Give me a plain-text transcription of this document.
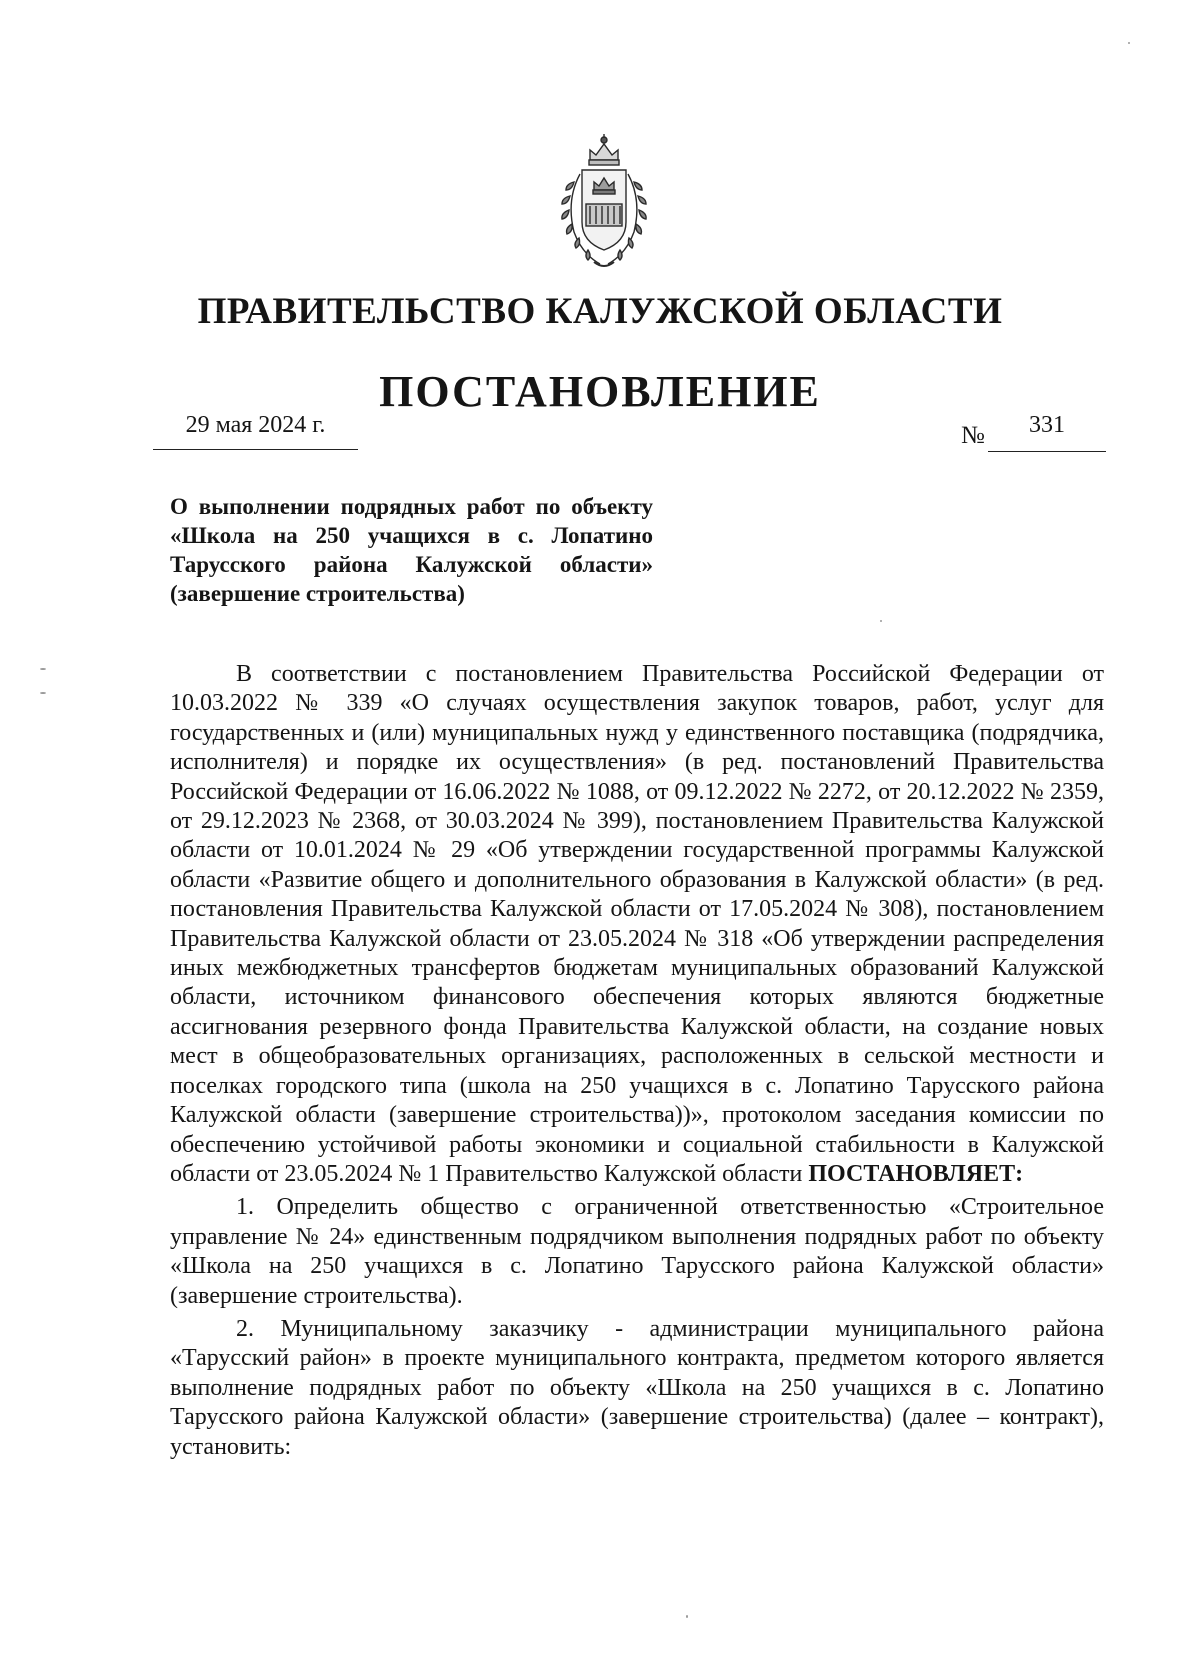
ПРАВИТЕЛЬСТВО КАЛУЖСКОЙ ОБЛАСТИ
ПОСТАНОВЛЕНИЕ
29 мая 2024 г.	№	331
О выполнении подрядных работ по объекту «Школа на 250 учащихся в с. Лопатино Тарусского района Калужской области» (завершение строительства)

В соответствии с постановлением Правительства Российской Федерации от 10.03.2022 № 339 «О случаях осуществления закупок товаров, работ, услуг для государственных и (или) муниципальных нужд у единственного поставщика (подрядчика, исполнителя) и порядке их осуществления» (в ред. постановлений Правительства Российской Федерации от 16.06.2022 № 1088, от 09.12.2022 № 2272, от 20.12.2022 № 2359, от 29.12.2023 № 2368, от 30.03.2024 № 399), постановлением Правительства Калужской области от 10.01.2024 № 29 «Об утверждении государственной программы Калужской области «Развитие общего и дополнительного образования в Калужской области» (в ред. постановления Правительства Калужской области от 17.05.2024 № 308), постановлением Правительства Калужской области от 23.05.2024 № 318 «Об утверждении распределения иных межбюджетных трансфертов бюджетам муниципальных образований Калужской области, источником финансового обеспечения которых являются бюджетные ассигнования резервного фонда Правительства Калужской области, на создание новых мест в общеобразовательных организациях, расположенных в сельской местности и поселках городского типа (школа на 250 учащихся в с. Лопатино Тарусского района Калужской области (завершение строительства))», протоколом заседания комиссии по обеспечению устойчивой работы экономики и социальной стабильности в Калужской области от 23.05.2024 № 1 Правительство Калужской области ПОСТАНОВЛЯЕТ:

1. Определить общество с ограниченной ответственностью «Строительное управление № 24» единственным подрядчиком выполнения подрядных работ по объекту «Школа на 250 учащихся в с. Лопатино Тарусского района Калужской области» (завершение строительства).

2. Муниципальному заказчику - администрации муниципального района «Тарусский район» в проекте муниципального контракта, предметом которого является выполнение подрядных работ по объекту «Школа на 250 учащихся в с. Лопатино Тарусского района Калужской области» (завершение строительства) (далее – контракт), установить:
